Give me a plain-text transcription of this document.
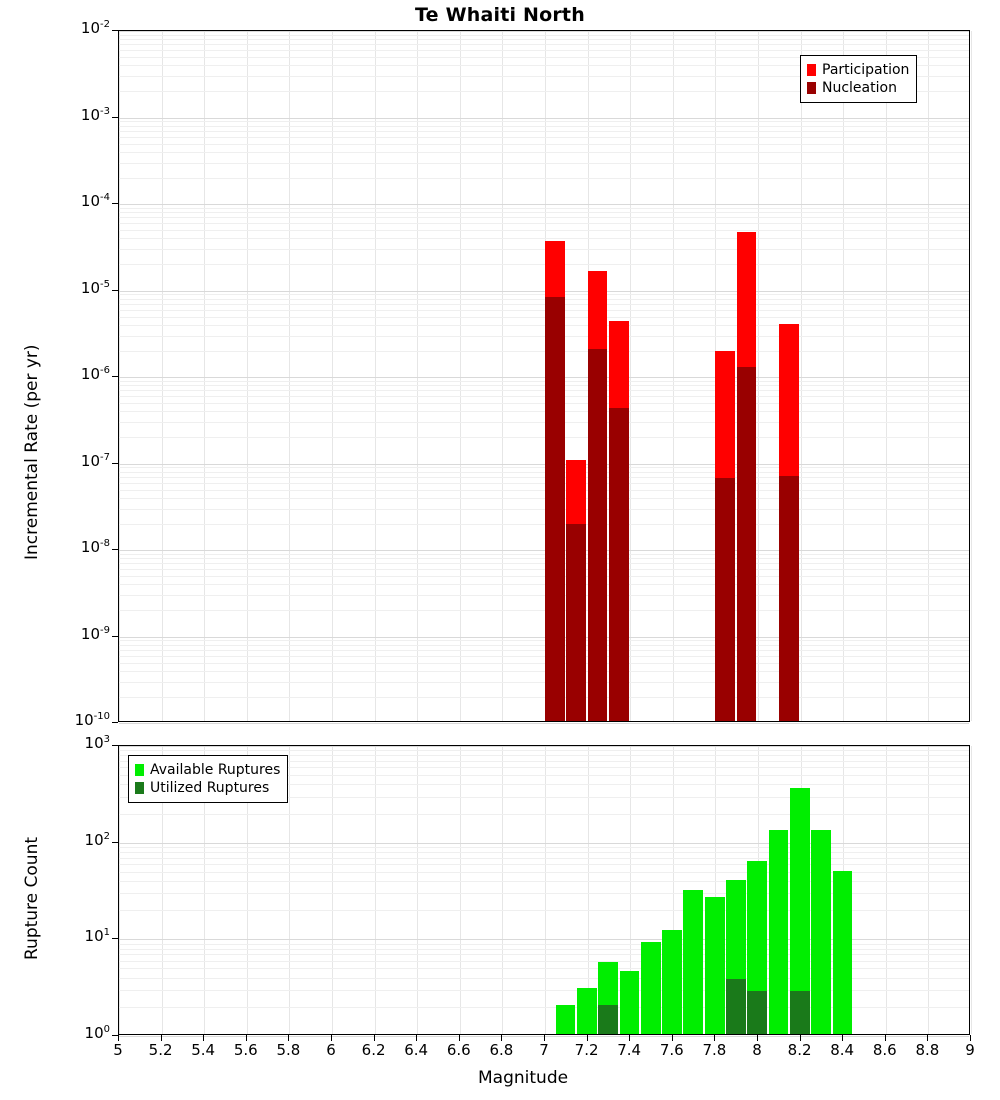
Te Whaiti North
$10^{-10}$
$10^{-9}$
$10^{-8}$
$10^{-7}$
$10^{-6}$
$10^{-5}$
$10^{-4}$
$10^{-3}$
$10^{-2}$
Incremental Rate (per yr)
Participation
Nucleation
$10^0$
$10^1$
$10^2$
$10^3$
5	5.2	5.4	5.6	5.8	6	6.2	6.4	6.6	6.8	7	7.2	7.4	7.6	7.8	8	8.2	8.4	8.6	8.8	9
Rupture Count
Magnitude
Available Ruptures
Utilized Ruptures
